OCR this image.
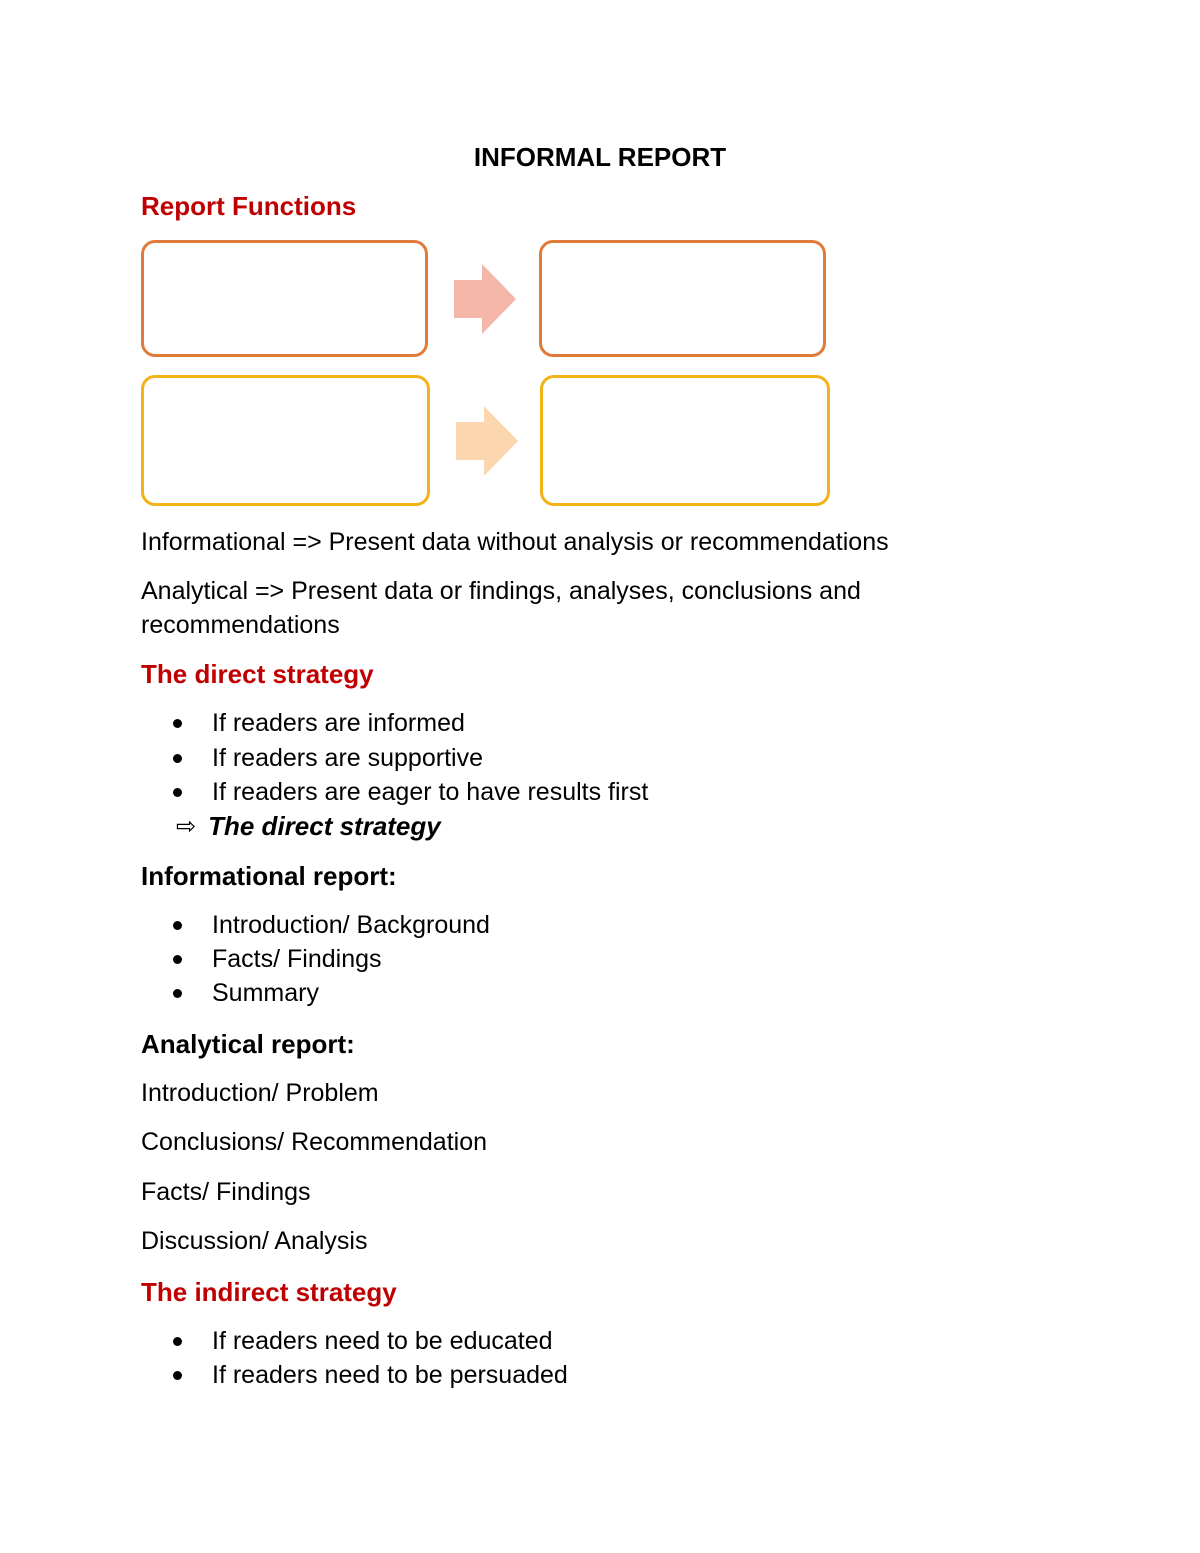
INFORMAL REPORT
Report Functions
Informational => Present data without analysis or recommendations
Analytical => Present data or findings, analyses, conclusions and
recommendations
The direct strategy
If readers are informed
If readers are supportive
If readers are eager to have results first
⇨ The direct strategy
Informational report:
Introduction/ Background
Facts/ Findings
Summary
Analytical report:
Introduction/ Problem
Conclusions/ Recommendation
Facts/ Findings
Discussion/ Analysis
The indirect strategy
If readers need to be educated
If readers need to be persuaded
